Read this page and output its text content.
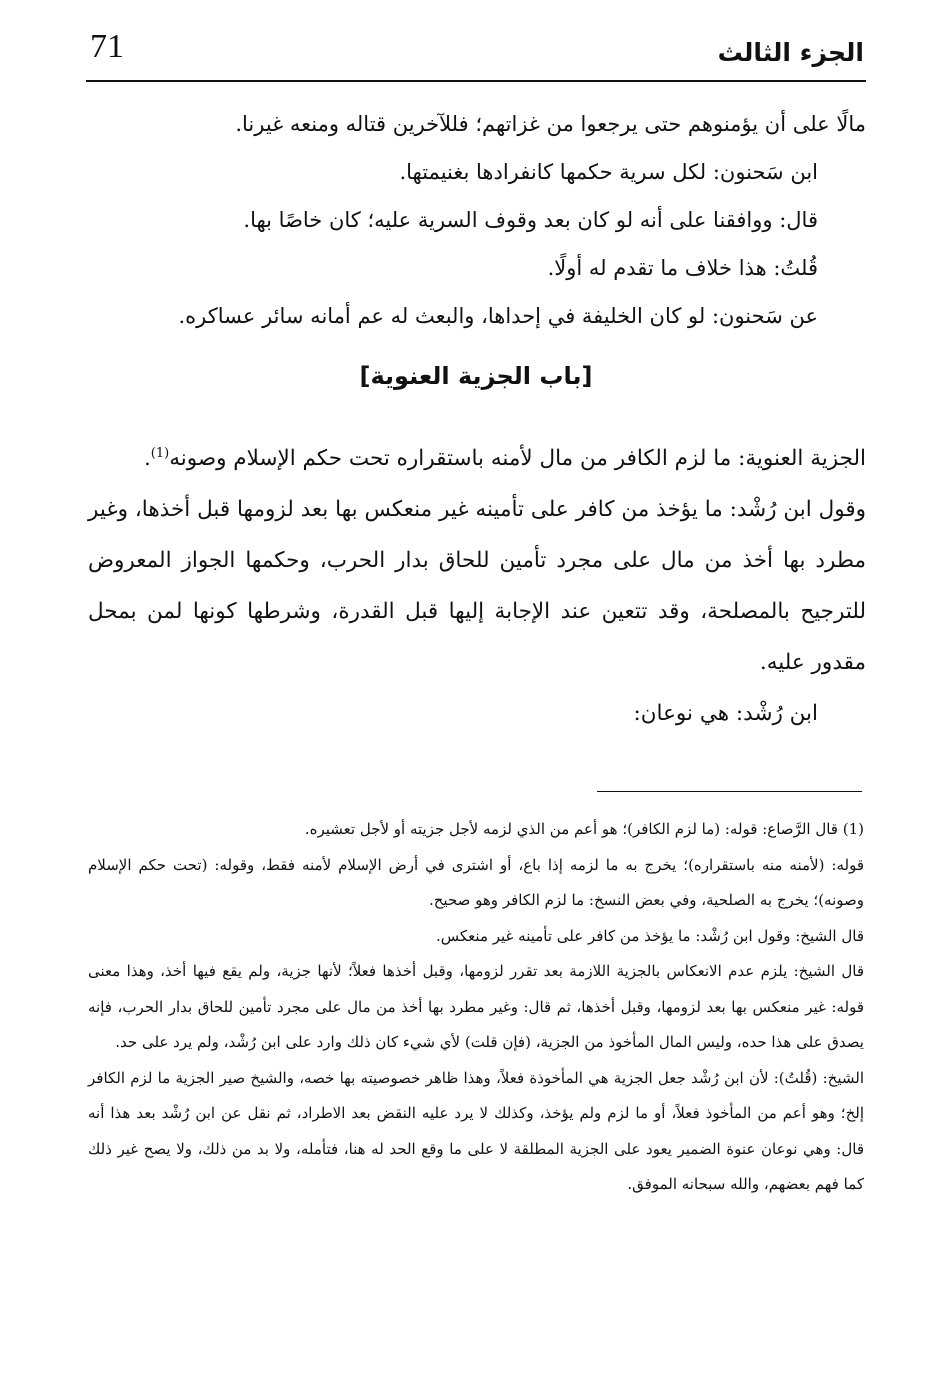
الجزء الثالث
71

مالًا على أن يؤمنوهم حتى يرجعوا من غزاتهم؛ فللآخرين قتاله ومنعه غيرنا.

ابن سَحنون: لكل سرية حكمها كانفرادها بغنيمتها.

قال: ووافقنا على أنه لو كان بعد وقوف السرية عليه؛ كان خاصًا بها.

قُلتُ: هذا خلاف ما تقدم له أولًا.

عن سَحنون: لو كان الخليفة في إحداها، والبعث له عم أمانه سائر عساكره.

[باب الجزية العنوية]

الجزية العنوية: ما لزم الكافر من مال لأمنه باستقراره تحت حكم الإسلام وصونه$^{(1)}$.

وقول ابن رُشْد: ما يؤخذ من كافر على تأمينه غير منعكس بها بعد لزومها قبل أخذها، وغير مطرد بها أخذ من مال على مجرد تأمين للحاق بدار الحرب، وحكمها الجواز المعروض للترجيح بالمصلحة، وقد تتعين عند الإجابة إليها قبل القدرة، وشرطها كونها لمن بمحل مقدور عليه.

ابن رُشْد: هي نوعان:

(1) قال الرَّصاع: قوله: (ما لزم الكافر)؛ هو أعم من الذي لزمه لأجل جزيته أو لأجل تعشيره.

قوله: (لأمنه منه باستقراره)؛ يخرج به ما لزمه إذا باع، أو اشترى في أرض الإسلام لأمنه فقط، وقوله: (تحت حكم الإسلام وصونه)؛ يخرج به الصلحية، وفي بعض النسخ: ما لزم الكافر وهو صحيح.

قال الشيخ: وقول ابن رُشْد: ما يؤخذ من كافر على تأمينه غير منعكس.

قال الشيخ: يلزم عدم الانعكاس بالجزية اللازمة بعد تقرر لزومها، وقبل أخذها فعلاً؛ لأنها جزية، ولم يقع فيها أخذ، وهذا معنى قوله: غير منعكس بها بعد لزومها، وقبل أخذها، ثم قال: وغير مطرد بها أخذ من مال على مجرد تأمين للحاق بدار الحرب، فإنه يصدق على هذا حده، وليس المال المأخوذ من الجزية، (فإن قلت) لأي شيء كان ذلك وارد على ابن رُشْد، ولم يرد على حد.

الشيخ: (قُلتُ): لأن ابن رُشْد جعل الجزية هي المأخوذة فعلاً، وهذا ظاهر خصوصيته بها خصه، والشيخ صير الجزية ما لزم الكافر إلخ؛ وهو أعم من المأخوذ فعلاً، أو ما لزم ولم يؤخذ، وكذلك لا يرد عليه النقض بعد الاطراد، ثم نقل عن ابن رُشْد بعد هذا أنه قال: وهي نوعان عنوة الضمير يعود على الجزية المطلقة لا على ما وقع الحد له هنا، فتأمله، ولا بد من ذلك، ولا يصح غير ذلك كما فهم بعضهم، والله سبحانه الموفق.
